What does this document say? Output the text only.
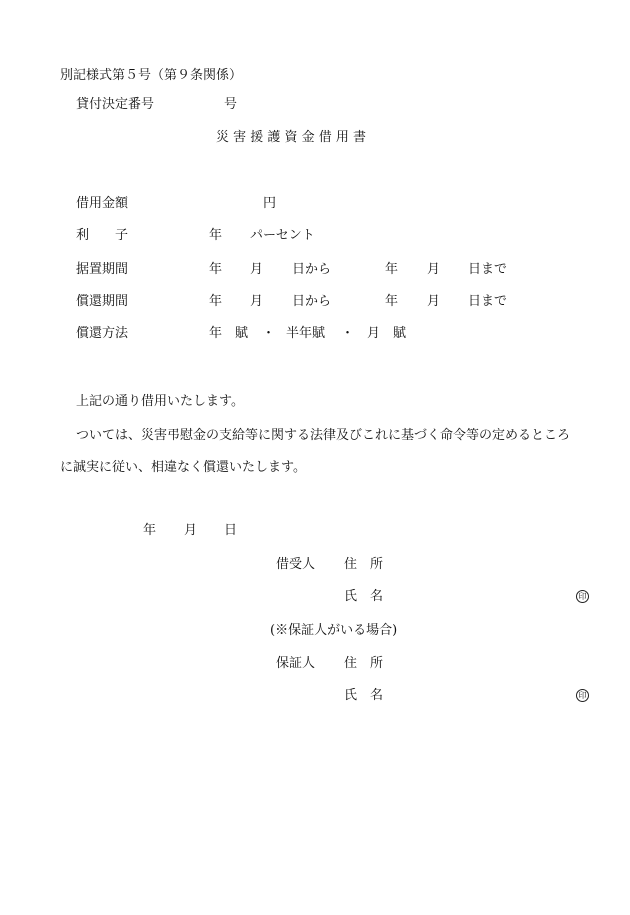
別記様式第５号（第９条関係）
貸付決定番号	号
災 害 援 護 資 金 借 用 書
借用金額	円
利　　子	年 パーセント
据置期間	年 月 日から	年 月 日まで
償還期間	年 月 日から	年 月 日まで
償還方法	年　賦 ・ 半年賦 ・ 月　賦
上記の通り借用いたします。
ついては、災害弔慰金の支給等に関する法律及びこれに基づく命令等の定めるところ
に誠実に従い、相違なく償還いたします。
年 月 日
借受人 住　所
氏　名	印
(※保証人がいる場合)
保証人 住　所
氏　名	印
